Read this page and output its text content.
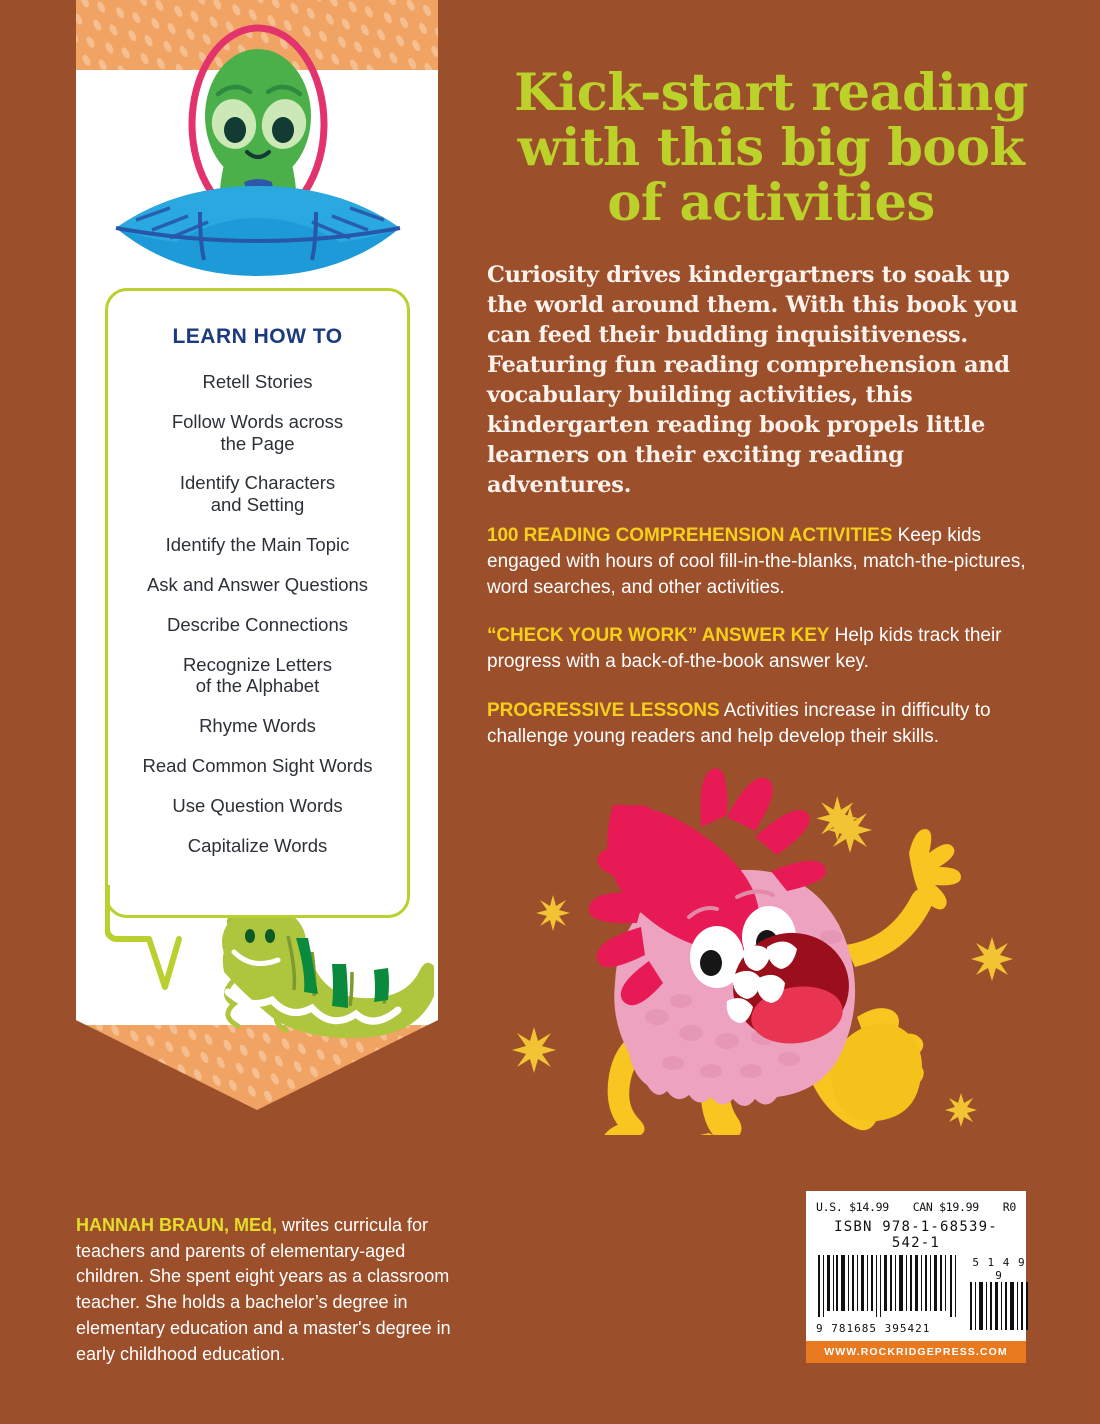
LEARN HOW TO
Retell Stories
Follow Words across
the Page
Identify Characters
and Setting
Identify the Main Topic
Ask and Answer Questions
Describe Connections
Recognize Letters
of the Alphabet
Rhyme Words
Read Common Sight Words
Use Question Words
Capitalize Words
Kick-start reading
with this big book
of activities

Curiosity drives kindergartners to soak up the world around them. With this book you can feed their budding inquisitiveness. Featuring fun reading comprehension and vocabulary building activities, this kindergarten reading book propels little learners on their exciting reading adventures.

100 READING COMPREHENSION ACTIVITIES Keep kids engaged with hours of cool fill-in-the-blanks, match-the-pictures, word searches, and other activities.

“CHECK YOUR WORK” ANSWER KEY Help kids track their progress with a back-of-the-book answer key.

PROGRESSIVE LESSONS Activities increase in difficulty to challenge young readers and help develop their skills.

HANNAH BRAUN, MEd, writes curricula for teachers and parents of elementary-aged children. She spent eight years as a classroom teacher. She holds a bachelor’s degree in elementary education and a master's degree in early childhood education.

U.S. $14.99 CAN $19.99 R0
ISBN 978-1-68539-542-1
9 781685 395421
5 1 4 9 9
WWW.ROCKRIDGEPRESS.COM
